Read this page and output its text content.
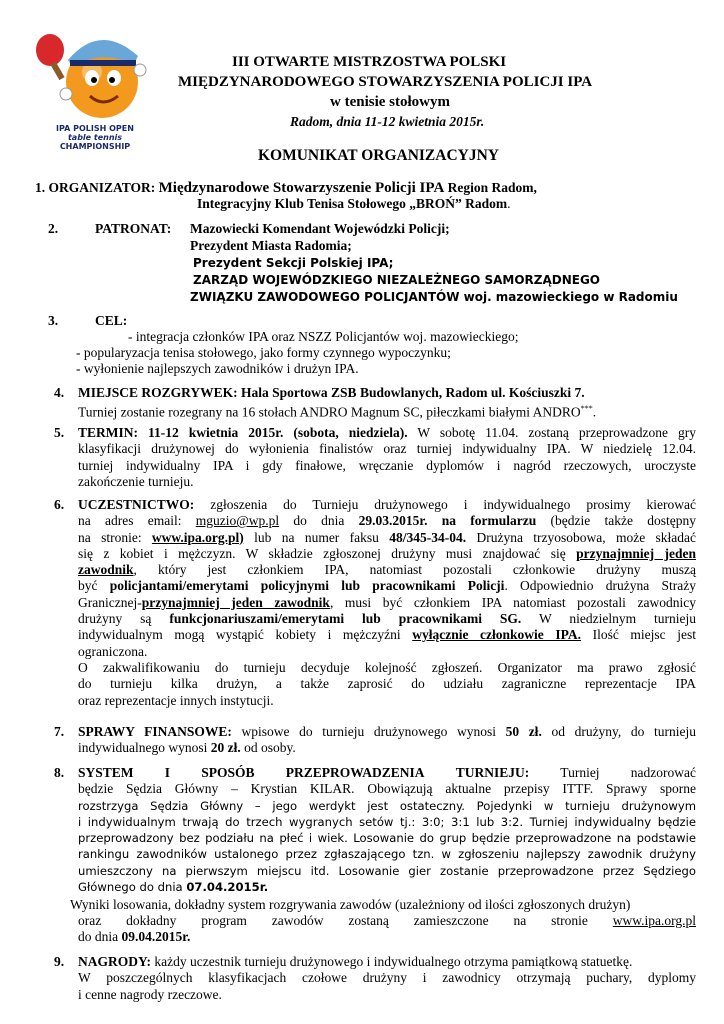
IPA POLISH OPEN
table tennis
CHAMPIONSHIP
III OTWARTE MISTRZOSTWA POLSKI
MIĘDZYNARODOWEGO STOWARZYSZENIA POLICJI IPA
w tenisie stołowym
Radom, dnia 11-12 kwietnia 2015r.
KOMUNIKAT ORGANIZACYJNY
1. ORGANIZATOR: Międzynarodowe Stowarzyszenie Policji IPA Region Radom,
Integracyjny Klub Tenisa Stołowego „BROŃ” Radom.
2.	PATRONAT: Mazowiecki Komendant Wojewódzki Policji;
Prezydent Miasta Radomia;
Prezydent Sekcji Polskiej IPA;
ZARZĄD WOJEWÓDZKIEGO NIEZALEŻNEGO SAMORZĄDNEGO
ZWIĄZKU ZAWODOWEGO POLICJANTÓW woj. mazowieckiego w Radomiu
3.	CEL:
- integracja członków IPA oraz NSZZ Policjantów woj. mazowieckiego;
- popularyzacja tenisa stołowego, jako formy czynnego wypoczynku;
- wyłonienie najlepszych zawodników i drużyn IPA.
4. MIEJSCE ROZGRYWEK: Hala Sportowa ZSB Budowlanych, Radom ul. Kościuszki 7.
Turniej zostanie rozegrany na 16 stołach ANDRO Magnum SC, piłeczkami białymi ANDRO***.
5. TERMIN: 11-12 kwietnia 2015r. (sobota, niedziela). W sobotę 11.04. zostaną przeprowadzone gry
klasyfikacji drużynowej do wyłonienia finalistów oraz turniej indywidualny IPA. W niedzielę 12.04.
turniej indywidualny IPA i gdy finałowe, wręczanie dyplomów i nagród rzeczowych, uroczyste
zakończenie turnieju.
6. UCZESTNICTWO: zgłoszenia do Turnieju drużynowego i indywidualnego prosimy kierować
na adres email: mguzio@wp.pl do dnia 29.03.2015r. na formularzu (będzie także dostępny
na stronie: www.ipa.org.pl) lub na numer faksu 48/345-34-04. Drużyna trzyosobowa, może składać
się z kobiet i mężczyzn. W składzie zgłoszonej drużyny musi znajdować się przynajmniej jeden
zawodnik, który jest członkiem IPA, natomiast pozostali członkowie drużyny muszą
być policjantami/emerytami policyjnymi lub pracownikami Policji. Odpowiednio drużyna Straży
Granicznej-przynajmniej jeden zawodnik, musi być członkiem IPA natomiast pozostali zawodnicy
drużyny są funkcjonariuszami/emerytami lub pracownikami SG. W niedzielnym turnieju
indywidualnym mogą wystąpić kobiety i mężczyźni wyłącznie członkowie IPA. Ilość miejsc jest
ograniczona.
O zakwalifikowaniu do turnieju decyduje kolejność zgłoszeń. Organizator ma prawo zgłosić
do turnieju kilka drużyn, a także zaprosić do udziału zagraniczne reprezentacje IPA
oraz reprezentacje innych instytucji.
7. SPRAWY FINANSOWE: wpisowe do turnieju drużynowego wynosi 50 zł. od drużyny, do turnieju
indywidualnego wynosi 20 zł. od osoby.
8. SYSTEM I SPOSÓB PRZEPROWADZENIA TURNIEJU: Turniej nadzorować
będzie Sędzia Główny – Krystian KILAR. Obowiązują aktualne przepisy ITTF. Sprawy sporne
rozstrzyga Sędzia Główny – jego werdykt jest ostateczny. Pojedynki w turnieju drużynowym
i indywidualnym trwają do trzech wygranych setów tj.: 3:0; 3:1 lub 3:2. Turniej indywidualny będzie
przeprowadzony bez podziału na płeć i wiek. Losowanie do grup będzie przeprowadzone na podstawie
rankingu zawodników ustalonego przez zgłaszającego tzn. w zgłoszeniu najlepszy zawodnik drużyny
umieszczony na pierwszym miejscu itd. Losowanie gier zostanie przeprowadzone przez Sędziego
Głównego do dnia 07.04.2015r.
Wyniki losowania, dokładny system rozgrywania zawodów (uzależniony od ilości zgłoszonych drużyn)
oraz dokładny program zawodów zostaną zamieszczone na stronie www.ipa.org.pl
do dnia 09.04.2015r.
9. NAGRODY: każdy uczestnik turnieju drużynowego i indywidualnego otrzyma pamiątkową statuetkę.
W poszczególnych klasyfikacjach czołowe drużyny i zawodnicy otrzymają puchary, dyplomy
i cenne nagrody rzeczowe.
